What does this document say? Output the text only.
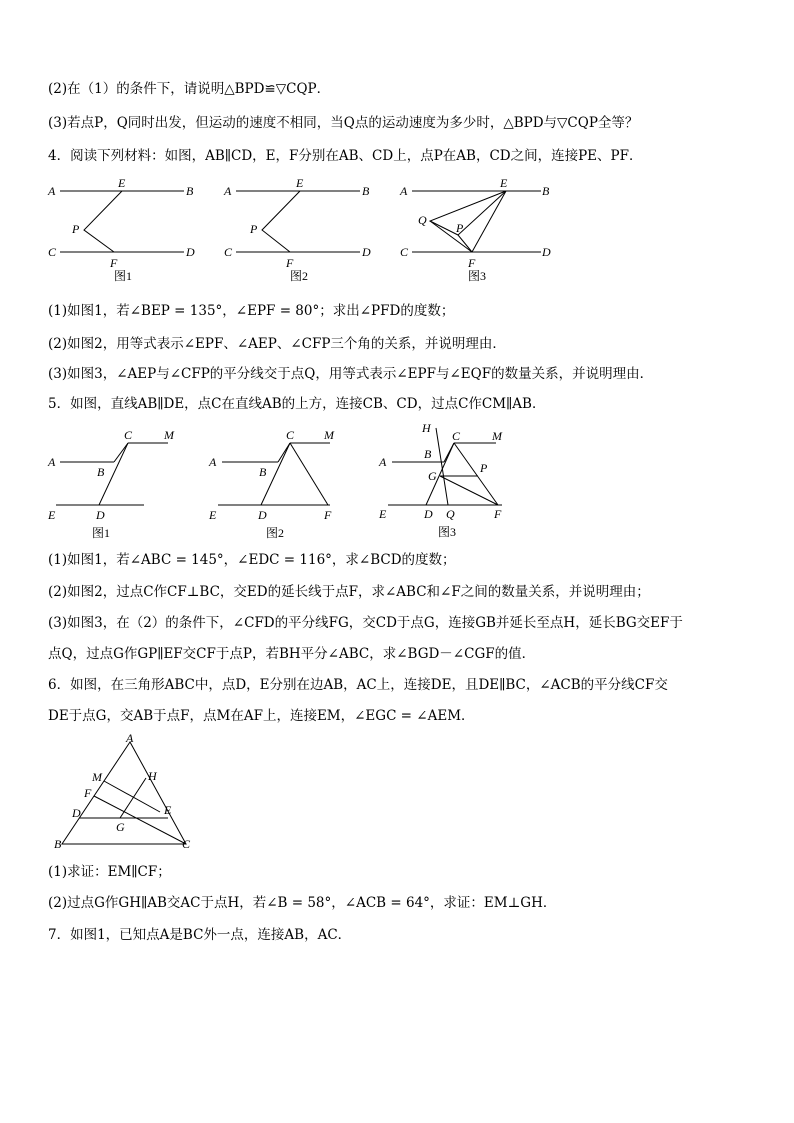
(2)在（1）的条件下，请说明△BPD≌▽CQP．
(3)若点P，Q同时出发，但运动的速度不相同，当Q点的运动速度为多少时，△BPD与▽CQP全等？
4．阅读下列材料：如图，AB∥CD，E，F分别在AB、CD上，点P在AB，CD之间，连接PE、PF．
A
E
B
P
C
F
D
图1
A
E
B
P
C
F
D
图2
A
E
B
Q
P
C
F
D
图3
(1)如图1，若∠BEP = 135°，∠EPF = 80°；求出∠PFD的度数；
(2)如图2，用等式表示∠EPF、∠AEP、∠CFP三个角的关系，并说明理由．
(3)如图3，∠AEP与∠CFP的平分线交于点Q，用等式表示∠EPF与∠EQF的数量关系，并说明理由．
5．如图，直线AB∥DE，点C在直线AB的上方，连接CB、CD，过点C作CM∥AB．
C	M
A
B
E	D
图1
C M
A
B
E	D	F
图2
H
C	M
A
B
G
P
E	D Q	F
图3
(1)如图1，若∠ABC = 145°，∠EDC = 116°，求∠BCD的度数；
(2)如图2，过点C作CF⊥BC，交ED的延长线于点F，求∠ABC和∠F之间的数量关系，并说明理由；
(3)如图3，在（2）的条件下，∠CFD的平分线FG，交CD于点G，连接GB并延长至点H，延长BG交EF于
点Q，过点G作GP∥EF交CF于点P，若BH平分∠ABC，求∠BGD－∠CGF的值．
6．如图，在三角形ABC中，点D，E分别在边AB，AC上，连接DE，且DE∥BC，∠ACB的平分线CF交
DE于点G，交AB于点F，点M在AF上，连接EM，∠EGC = ∠AEM．
A
M	H
F
D	E
G
B	C
(1)求证：EM∥CF；
(2)过点G作GH∥AB交AC于点H，若∠B = 58°，∠ACB = 64°，求证：EM⊥GH．
7．如图1，已知点A是BC外一点，连接AB，AC．
